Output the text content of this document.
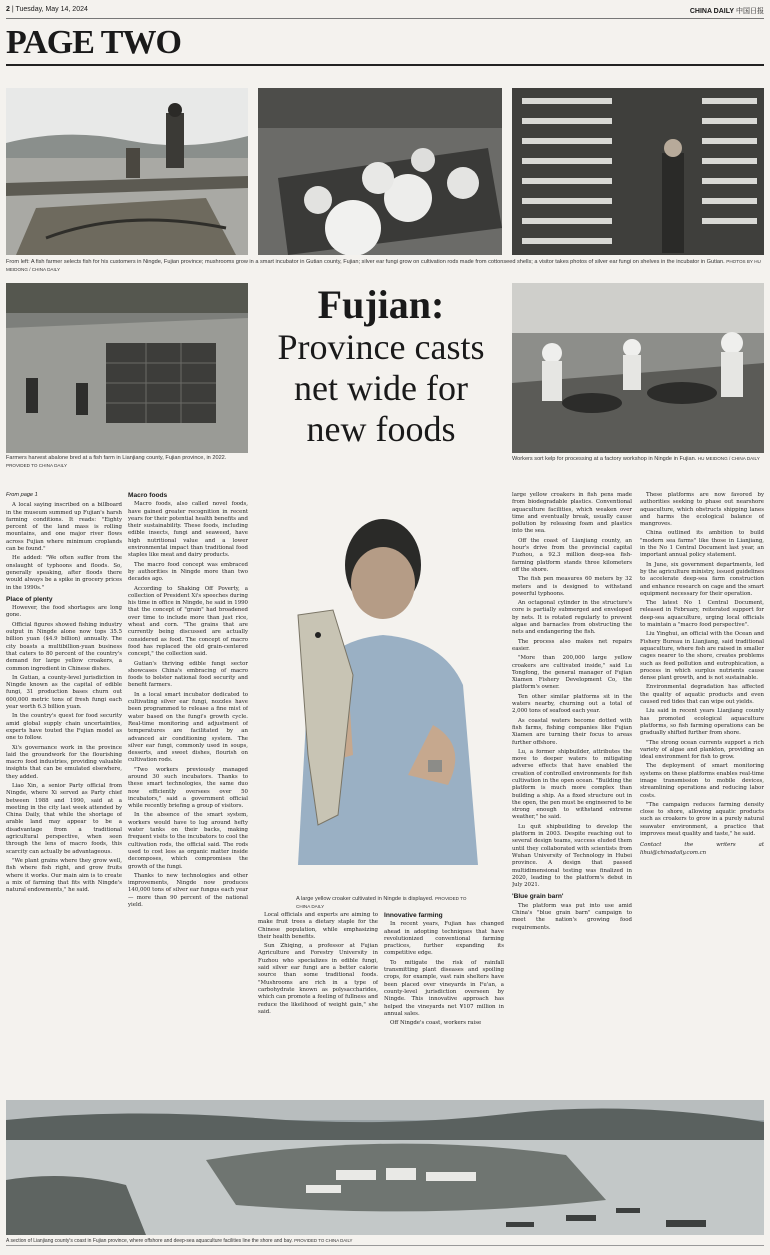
2 | Tuesday, May 14, 2024	CHINA DAILY 中国日报
PAGE TWO
From left: A fish farmer selects fish for his customers in Ningde, Fujian province; mushrooms grow in a smart incubator in Gutian county, Fujian; silver ear fungi grow on cultivation rods made from cottonseed shells; a visitor takes photos of silver ear fungi on shelves in the incubator in Gutian. PHOTOS BY HU MEIDONG / CHINA DAILY
Farmers harvest abalone bred at a fish farm in Lianjiang county, Fujian province, in 2022. PROVIDED TO CHINA DAILY
Fujian:
Province casts
net wide for
new foods
Workers sort kelp for processing at a factory workshop in Ningde in Fujian. HU MEIDONG / CHINA DAILY
From page 1

A local saying inscribed on a billboard in the museum summed up Fujian's harsh farming conditions. It reads: "Eighty percent of the land mass is rolling mountains, and one major river flows across Fujian where minimum croplands can be found."

He added: "We often suffer from the onslaught of typhoons and floods. So, generally speaking, after floods there would always be a spike in grocery prices in the 1990s."

Place of plenty

However, the food shortages are long gone.

Official figures showed fishing industry output in Ningde alone now tops 35.5 billion yuan ($4.9 billion) annually. The city boasts a multibillion-yuan business that caters to 80 percent of the country's demand for large yellow croakers, a common ingredient in Chinese dishes.

In Gutian, a county-level jurisdiction in Ningde known as the capital of edible fungi, 31 production bases churn out 600,000 metric tons of fresh fungi each year worth 6.3 billion yuan.

In the country's quest for food security amid global supply chain uncertainties, experts have touted the Fujian model as one to follow.

Xi's governance work in the province laid the groundwork for the flourishing macro food industries, providing valuable insights that can be emulated elsewhere, they added.

Liao Xin, a senior Party official from Ningde, where Xi served as Party chief between 1988 and 1990, said at a meeting in the city last week attended by China Daily, that while the shortage of arable land may appear to be a disadvantage from a traditional agricultural perspective, when seen through the lens of macro foods, this scarcity can actually be advantageous.

"We plant grains where they grow well, fish where fish right, and grow fruits where it works. Our main aim is to create a mix of farming that fits with Ningde's natural endowments," he said.

Macro foods

Macro foods, also called novel foods, have gained greater recognition in recent years for their potential health benefits and their sustainability. These foods, including edible insects, fungi and seaweed, have high nutritional value and a lower environmental impact than traditional food staples like meat and dairy products.

The macro food concept was embraced by authorities in Ningde more than two decades ago.

According to Shaking Off Poverty, a collection of President Xi's speeches during his time in office in Ningde, he said in 1990 that the concept of "grain" had broadened over time to include more than just rice, wheat and corn. "The grains that are currently being discussed are actually considered as food. The concept of macro food has replaced the old grain-centered concept," the collection said.

Gutian's thriving edible fungi sector showcases China's embracing of macro foods to bolster national food security and benefit farmers.

In a local smart incubator dedicated to cultivating silver ear fungi, nozzles have been programmed to release a fine mist of water based on the fungi's growth cycle. Real-time monitoring and adjustment of temperatures are facilitated by an advanced air conditioning system. The silver ear fungi, commonly used in soups, desserts, and sweet dishes, flourish on cultivation rods.

"Two workers previously managed around 30 such incubators. Thanks to these smart technologies, the same duo now efficiently oversees over 50 incubators," said a government official while recently briefing a group of visitors.

In the absence of the smart system, workers would have to lug around hefty water tanks on their backs, making frequent visits to the incubators to cool the cultivation rods, the official said. The rods used to cost less as organic matter inside decomposes, which compromises the growth of the fungi.

Thanks to new technologies and other improvements, Ningde now produces 140,000 tons of silver ear fungus each year — more than 90 percent of the national yield.

A large yellow croaker cultivated in Ningde is displayed. PROVIDED TO CHINA DAILY

Local officials and experts are aiming to make fruit trees a dietary staple for the Chinese population, while emphasizing their health benefits.

Sun Zhiqing, a professor at Fujian Agriculture and Forestry University in Fuzhou who specializes in edible fungi, said silver ear fungi are a better calorie source than some traditional foods. "Mushrooms are rich in a type of carbohydrate known as polysaccharides, which can promote a feeling of fullness and reduce the likelihood of weight gain," she said.

Innovative farming

In recent years, Fujian has changed ahead in adopting techniques that have revolutionized conventional farming practices, further expanding its competitive edge.

To mitigate the risk of rainfall transmitting plant diseases and spoiling crops, for example, vast rain shelters have been placed over vineyards in Fu'an, a county-level jurisdiction overseen by Ningde. This innovative approach has helped the vineyards net ¥107 million in annual sales.

Off Ningde's coast, workers raise

large yellow croakers in fish pens made from biodegradable plastics. Conventional aquaculture facilities, which weaken over time and eventually break, usually cause pollution by releasing foam and plastics into the sea.

Off the coast of Lianjiang county, an hour's drive from the provincial capital Fuzhou, a 92.3 million deep-sea fish-farming platform stands three kilometers off the shore.

The fish pen measures 60 meters by 32 meters and is designed to withstand powerful typhoons.

An octagonal cylinder in the structure's core is partially submerged and enveloped by nets. It is rotated regularly to prevent algae and barnacles from obstructing the nets and endangering the fish.

The process also makes net repairs easier.

"More than 200,000 large yellow croakers are cultivated inside," said Lu Tongfong, the general manager of Fujian Xiamen Fishery Development Co, the platform's owner.

Ten other similar platforms sit in the waters nearby, churning out a total of 2,000 tons of seafood each year.

As coastal waters become dotted with fish farms, fishing companies like Fujian Xiamen are turning their focus to areas further offshore.

Lu, a former shipbuilder, attributes the move to deeper waters to mitigating adverse effects that have enabled the creation of controlled environments for fish cultivation in the open ocean. "Building the platform is much more complex than building a ship. As a fixed structure out in the open, the pen must be engineered to be strong enough to withstand extreme weather," he said.

Lu quit shipbuilding to develop the platform in 2003. Despite reaching out to several design teams, success eluded them until they collaborated with scientists from Wuhan University of Technology in Hubei province. A design that passed multidimensional testing was finalized in 2020, leading to the platform's debut in July 2021.

'Blue grain barn'

The platform was put into use amid China's "blue grain barn" campaign to meet the nation's growing food requirements.

These platforms are now favored by authorities seeking to phase out nearshore aquaculture, which obstructs shipping lanes and harms the ecological balance of mangroves.

China outlined its ambition to build "modern sea farms" like those in Lianjiang, in the No 1 Central Document last year, an important annual policy statement.

In June, six government departments, led by the agriculture ministry, issued guidelines to accelerate deep-sea farm construction and enhance research on cage and the smart equipment necessary for their operation.

The latest No 1 Central Document, released in February, reiterated support for deep-sea aquaculture, urging local officials to maintain a "macro food perspective".

Liu Yinghui, an official with the Ocean and Fishery Bureau in Lianjiang, said traditional aquaculture, where fish are raised in smaller cages nearer to the shore, creates problems such as feed pollution and eutrophication, a process in which surplus nutrients cause dense plant growth, and is not sustainable.

Environmental degradation has affected the quality of aquatic products and even caused red tides that can wipe out yields.

Liu said in recent years Lianjiang county has promoted ecological aquaculture platforms, so fish farming operations can be gradually shifted further from shore.

"The strong ocean currents support a rich variety of algae and plankton, providing an ideal environment for fish to grow.

The deployment of smart monitoring systems on these platforms enables real-time image transmission to mobile devices, streamlining operations and reducing labor costs.

"The campaign reduces farming density close to shore, allowing aquatic products such as croakers to grow in a purely natural seawater environment, a practice that improves meat quality and taste," he said.

Contact the writers at lihui@chinadaily.com.cn

A section of Lianjiang county's coast in Fujian province, where offshore and deep-sea aquaculture facilities line the shore and bay. PROVIDED TO CHINA DAILY
